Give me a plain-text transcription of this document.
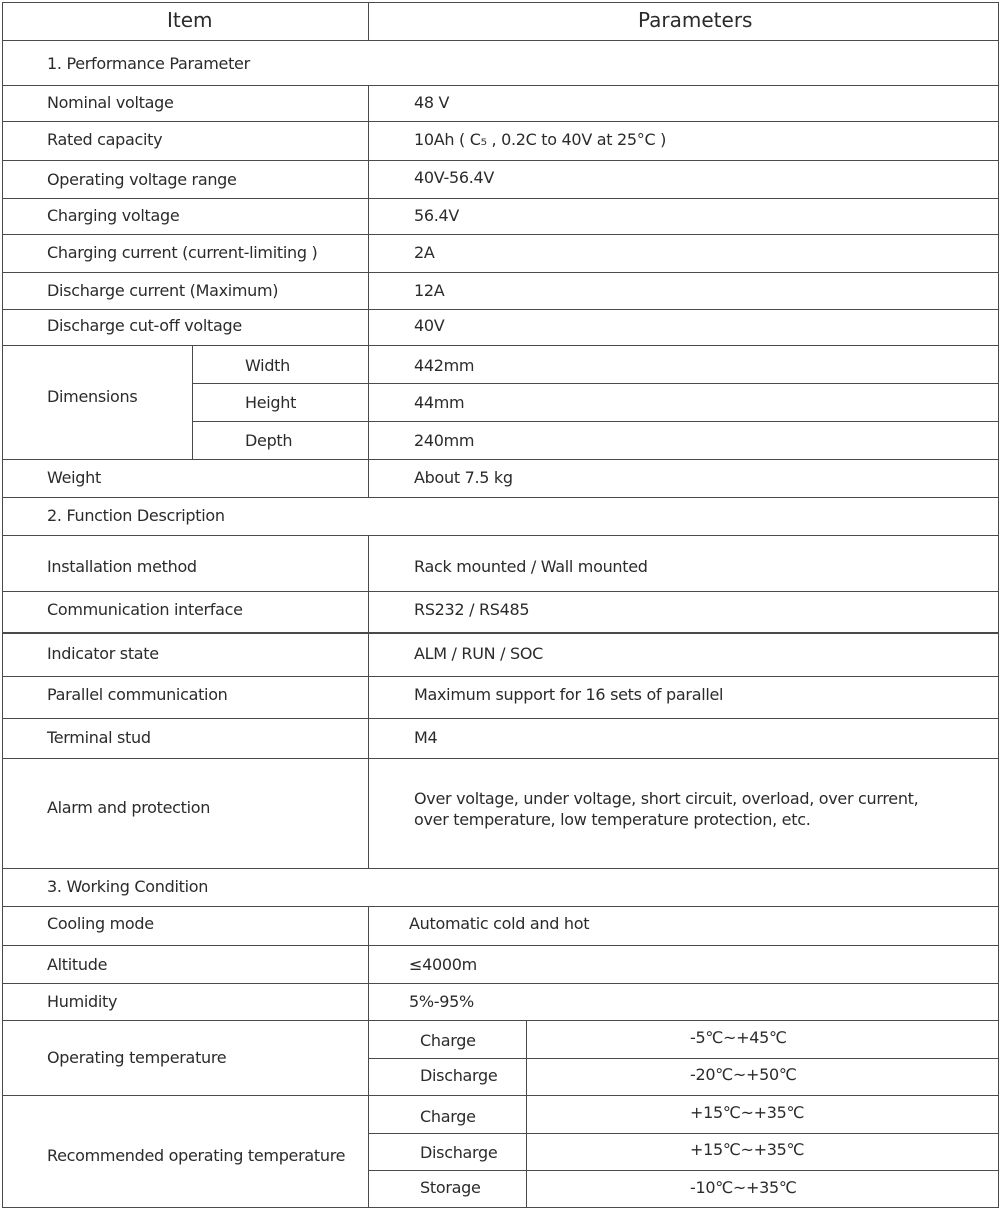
Item	Parameters
1. Performance Parameter
Nominal voltage	48 V
Rated capacity	10Ah ( C₅ , 0.2C to 40V at 25°C )
Operating voltage range	40V-56.4V
Charging voltage	56.4V
Charging current (current-limiting )	2A
Discharge current (Maximum)	12A
Discharge cut-off voltage	40V
Dimensions
Width	442mm
Height	44mm
Depth	240mm
Weight	About 7.5 kg
2. Function Description
Installation method	Rack mounted / Wall mounted
Communication interface	RS232 / RS485
Indicator state	ALM / RUN / SOC
Parallel communication	Maximum support for 16 sets of parallel
Terminal stud	M4
Alarm and protection	Over voltage, under voltage, short circuit, overload, over current,
over temperature, low temperature protection, etc.
3. Working Condition
Cooling mode	Automatic cold and hot
Altitude	≤4000m
Humidity	5%-95%
Operating temperature
Charge	-5℃~+45℃
Discharge	-20℃~+50℃
Recommended operating temperature
Charge	+15℃~+35℃
Discharge	+15℃~+35℃
Storage	-10℃~+35℃
